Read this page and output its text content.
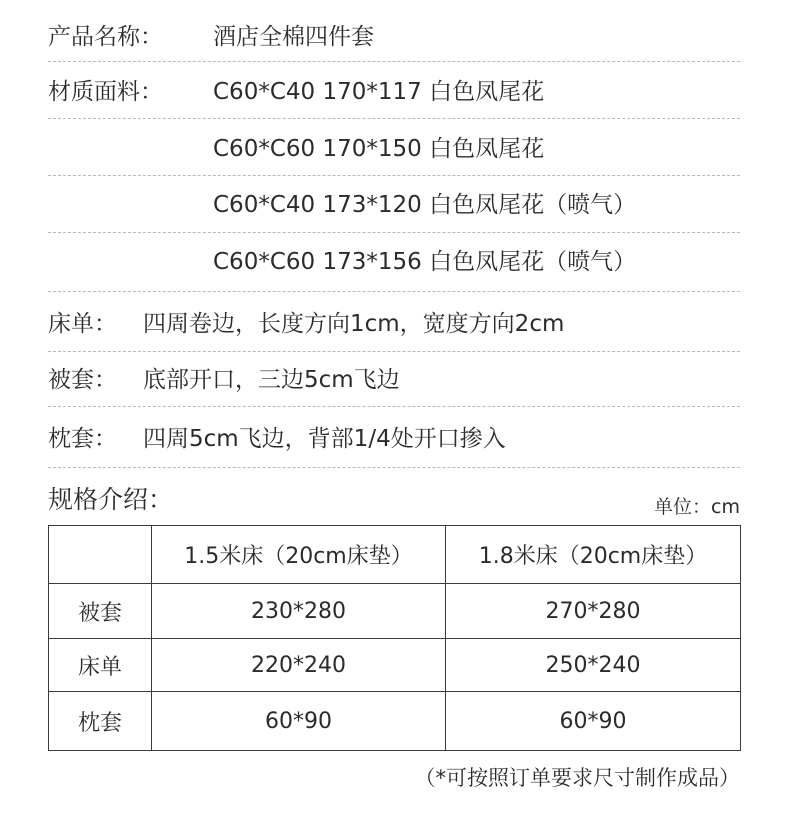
产品名称： 酒店全棉四件套
材质面料： C60*C40 170*117 白色凤尾花
C60*C60 170*150 白色凤尾花
C60*C40 173*120 白色凤尾花（喷气）
C60*C60 173*156 白色凤尾花（喷气）
床单： 四周卷边，长度方向1cm，宽度方向2cm
被套： 底部开口，三边5cm飞边
枕套： 四周5cm飞边，背部1/4处开口掺入
规格介绍：	单位：cm
	1.5米床（20cm床垫）	1.8米床（20cm床垫）
被套	230*280	270*280
床单	220*240	250*240
枕套	60*90	60*90
（*可按照订单要求尺寸制作成品）
